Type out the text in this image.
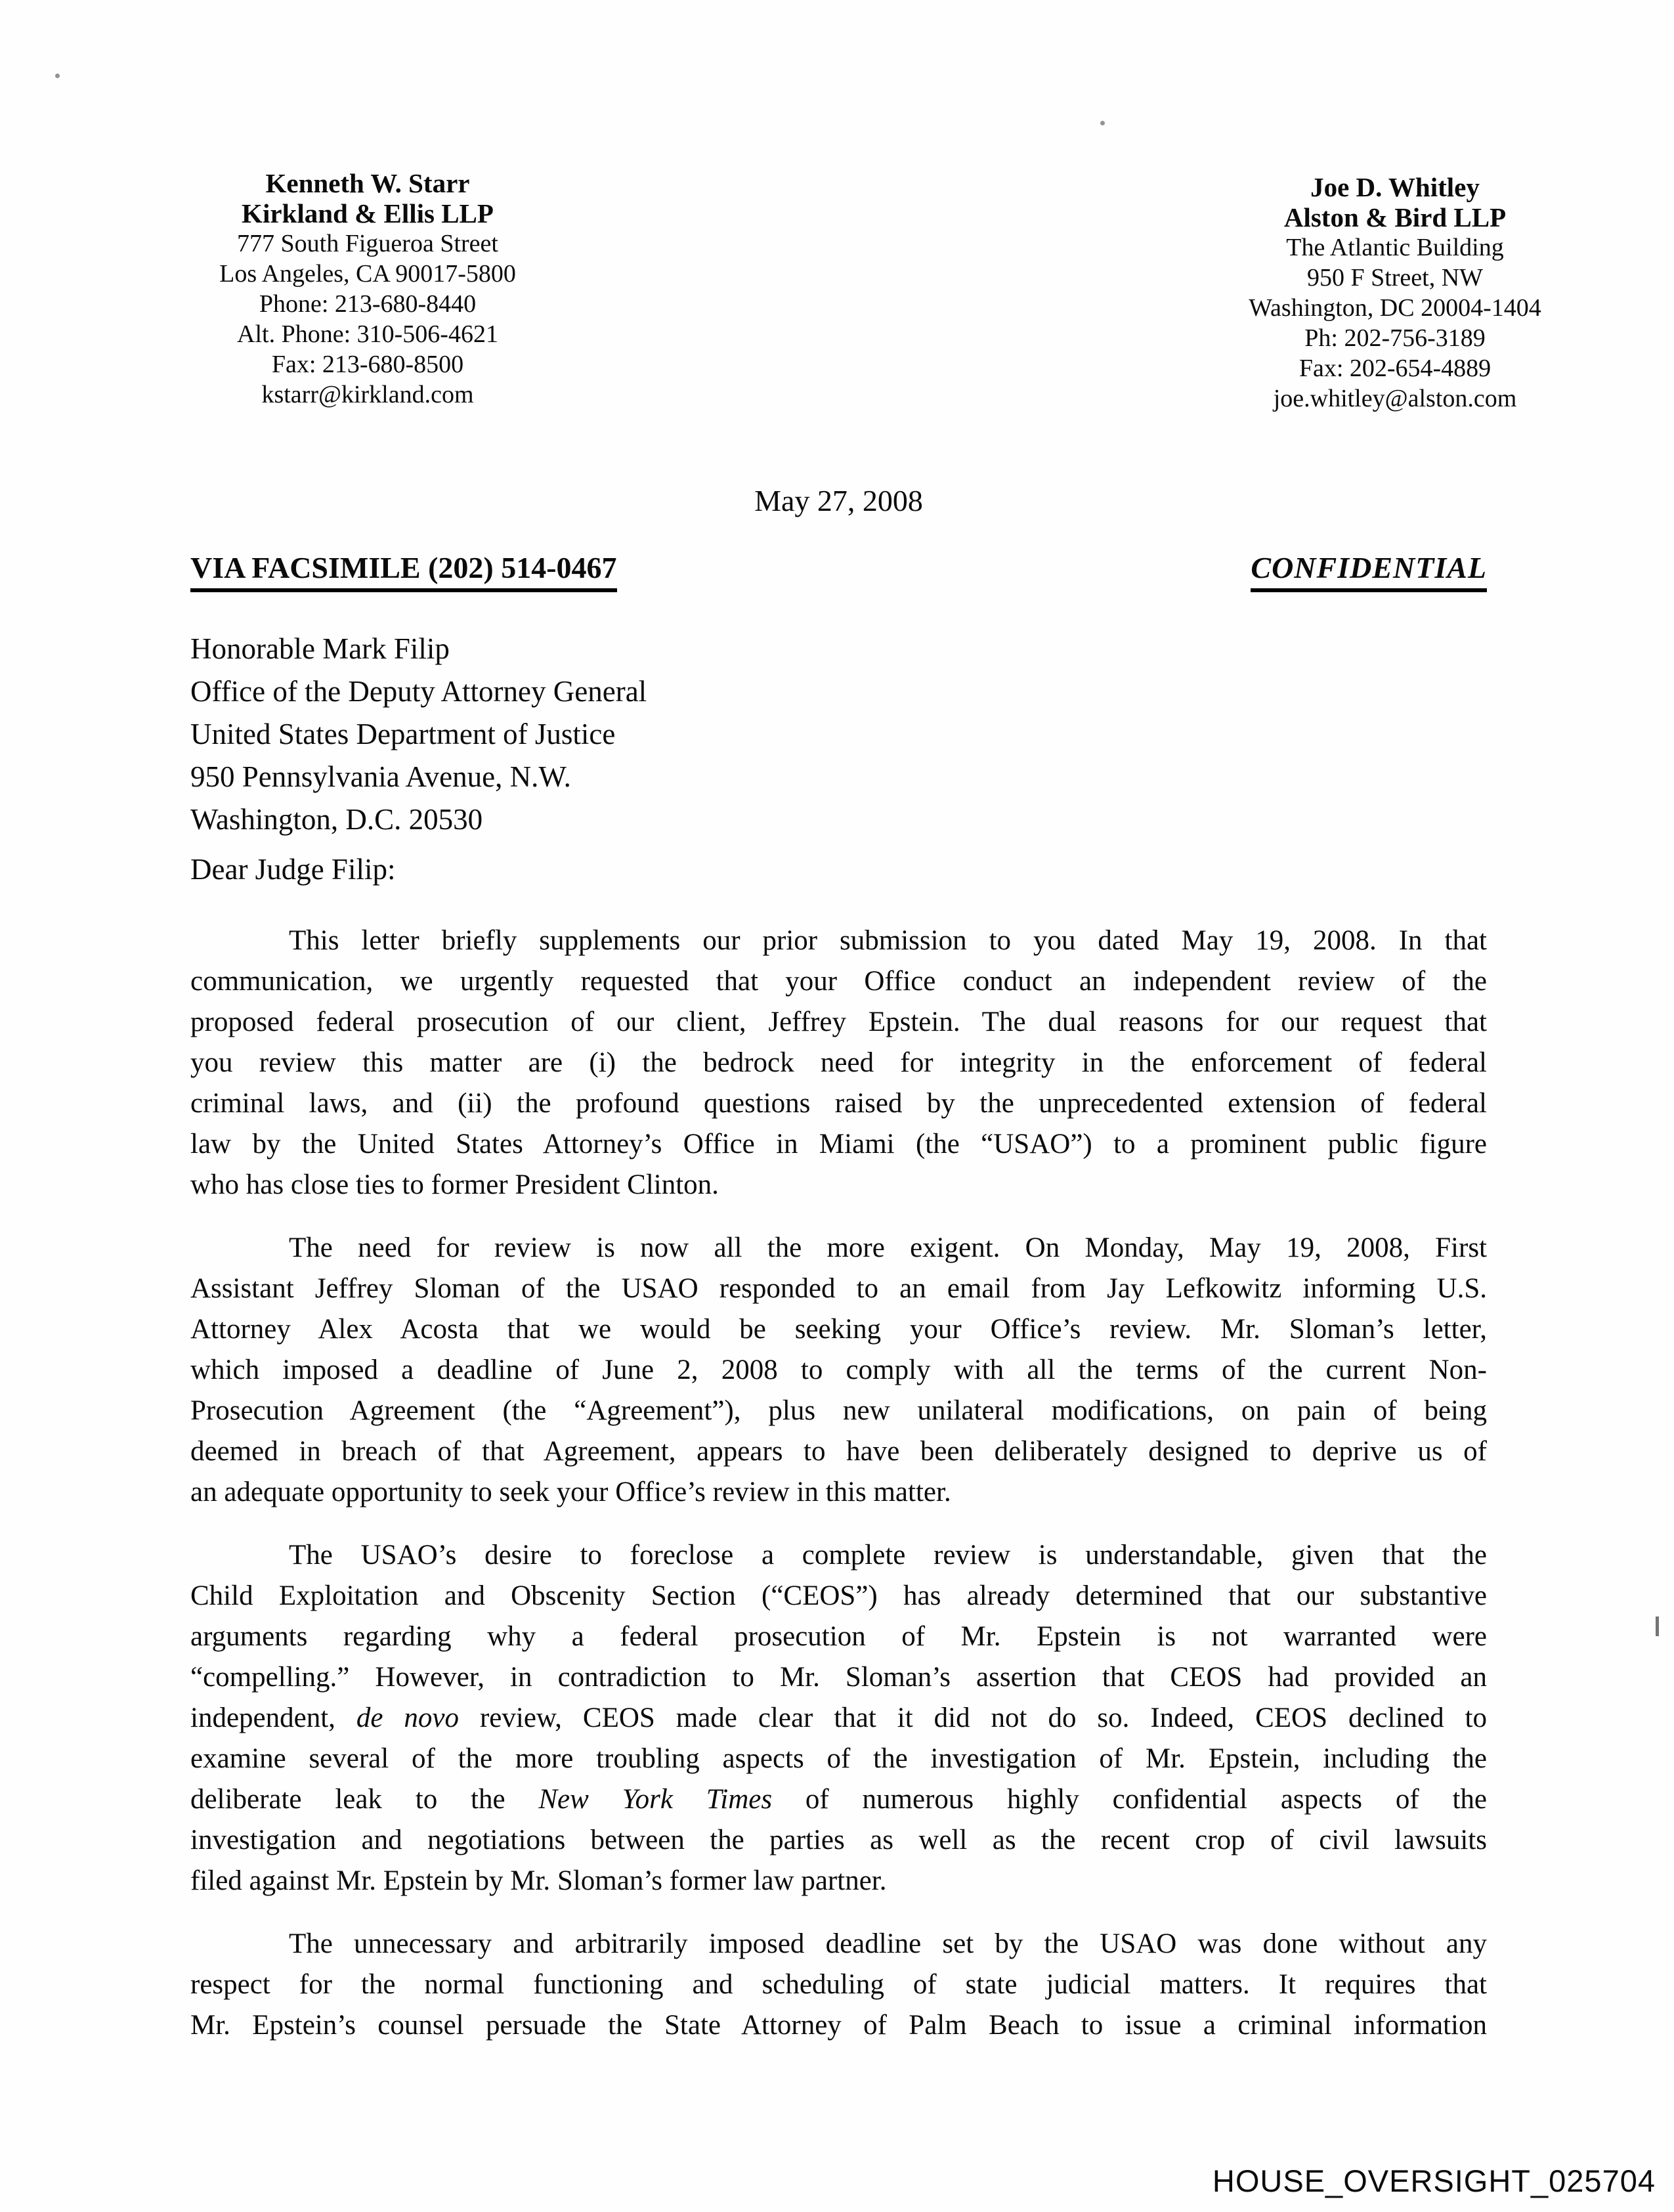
Kenneth W. Starr
Kirkland & Ellis LLP
777 South Figueroa Street
Los Angeles, CA 90017-5800
Phone: 213-680-8440
Alt. Phone: 310-506-4621
Fax: 213-680-8500
kstarr@kirkland.com
Joe D. Whitley
Alston & Bird LLP
The Atlantic Building
950 F Street, NW
Washington, DC 20004-1404
Ph: 202-756-3189
Fax: 202-654-4889
joe.whitley@alston.com
May 27, 2008
VIA FACSIMILE (202) 514-0467	CONFIDENTIAL
Honorable Mark Filip
Office of the Deputy Attorney General
United States Department of Justice
950 Pennsylvania Avenue, N.W.
Washington, D.C. 20530
Dear Judge Filip:
This letter briefly supplements our prior submission to you dated May 19, 2008. In that
communication, we urgently requested that your Office conduct an independent review of the
proposed federal prosecution of our client, Jeffrey Epstein. The dual reasons for our request that
you review this matter are (i) the bedrock need for integrity in the enforcement of federal
criminal laws, and (ii) the profound questions raised by the unprecedented extension of federal
law by the United States Attorney’s Office in Miami (the “USAO”) to a prominent public figure
who has close ties to former President Clinton.
The need for review is now all the more exigent. On Monday, May 19, 2008, First
Assistant Jeffrey Sloman of the USAO responded to an email from Jay Lefkowitz informing U.S.
Attorney Alex Acosta that we would be seeking your Office’s review. Mr. Sloman’s letter,
which imposed a deadline of June 2, 2008 to comply with all the terms of the current Non-
Prosecution Agreement (the “Agreement”), plus new unilateral modifications, on pain of being
deemed in breach of that Agreement, appears to have been deliberately designed to deprive us of
an adequate opportunity to seek your Office’s review in this matter.
The USAO’s desire to foreclose a complete review is understandable, given that the
Child Exploitation and Obscenity Section (“CEOS”) has already determined that our substantive
arguments regarding why a federal prosecution of Mr. Epstein is not warranted were
“compelling.” However, in contradiction to Mr. Sloman’s assertion that CEOS had provided an
independent, de novo review, CEOS made clear that it did not do so. Indeed, CEOS declined to
examine several of the more troubling aspects of the investigation of Mr. Epstein, including the
deliberate leak to the New York Times of numerous highly confidential aspects of the
investigation and negotiations between the parties as well as the recent crop of civil lawsuits
filed against Mr. Epstein by Mr. Sloman’s former law partner.
The unnecessary and arbitrarily imposed deadline set by the USAO was done without any
respect for the normal functioning and scheduling of state judicial matters. It requires that
Mr. Epstein’s counsel persuade the State Attorney of Palm Beach to issue a criminal information
HOUSE_OVERSIGHT_025704
